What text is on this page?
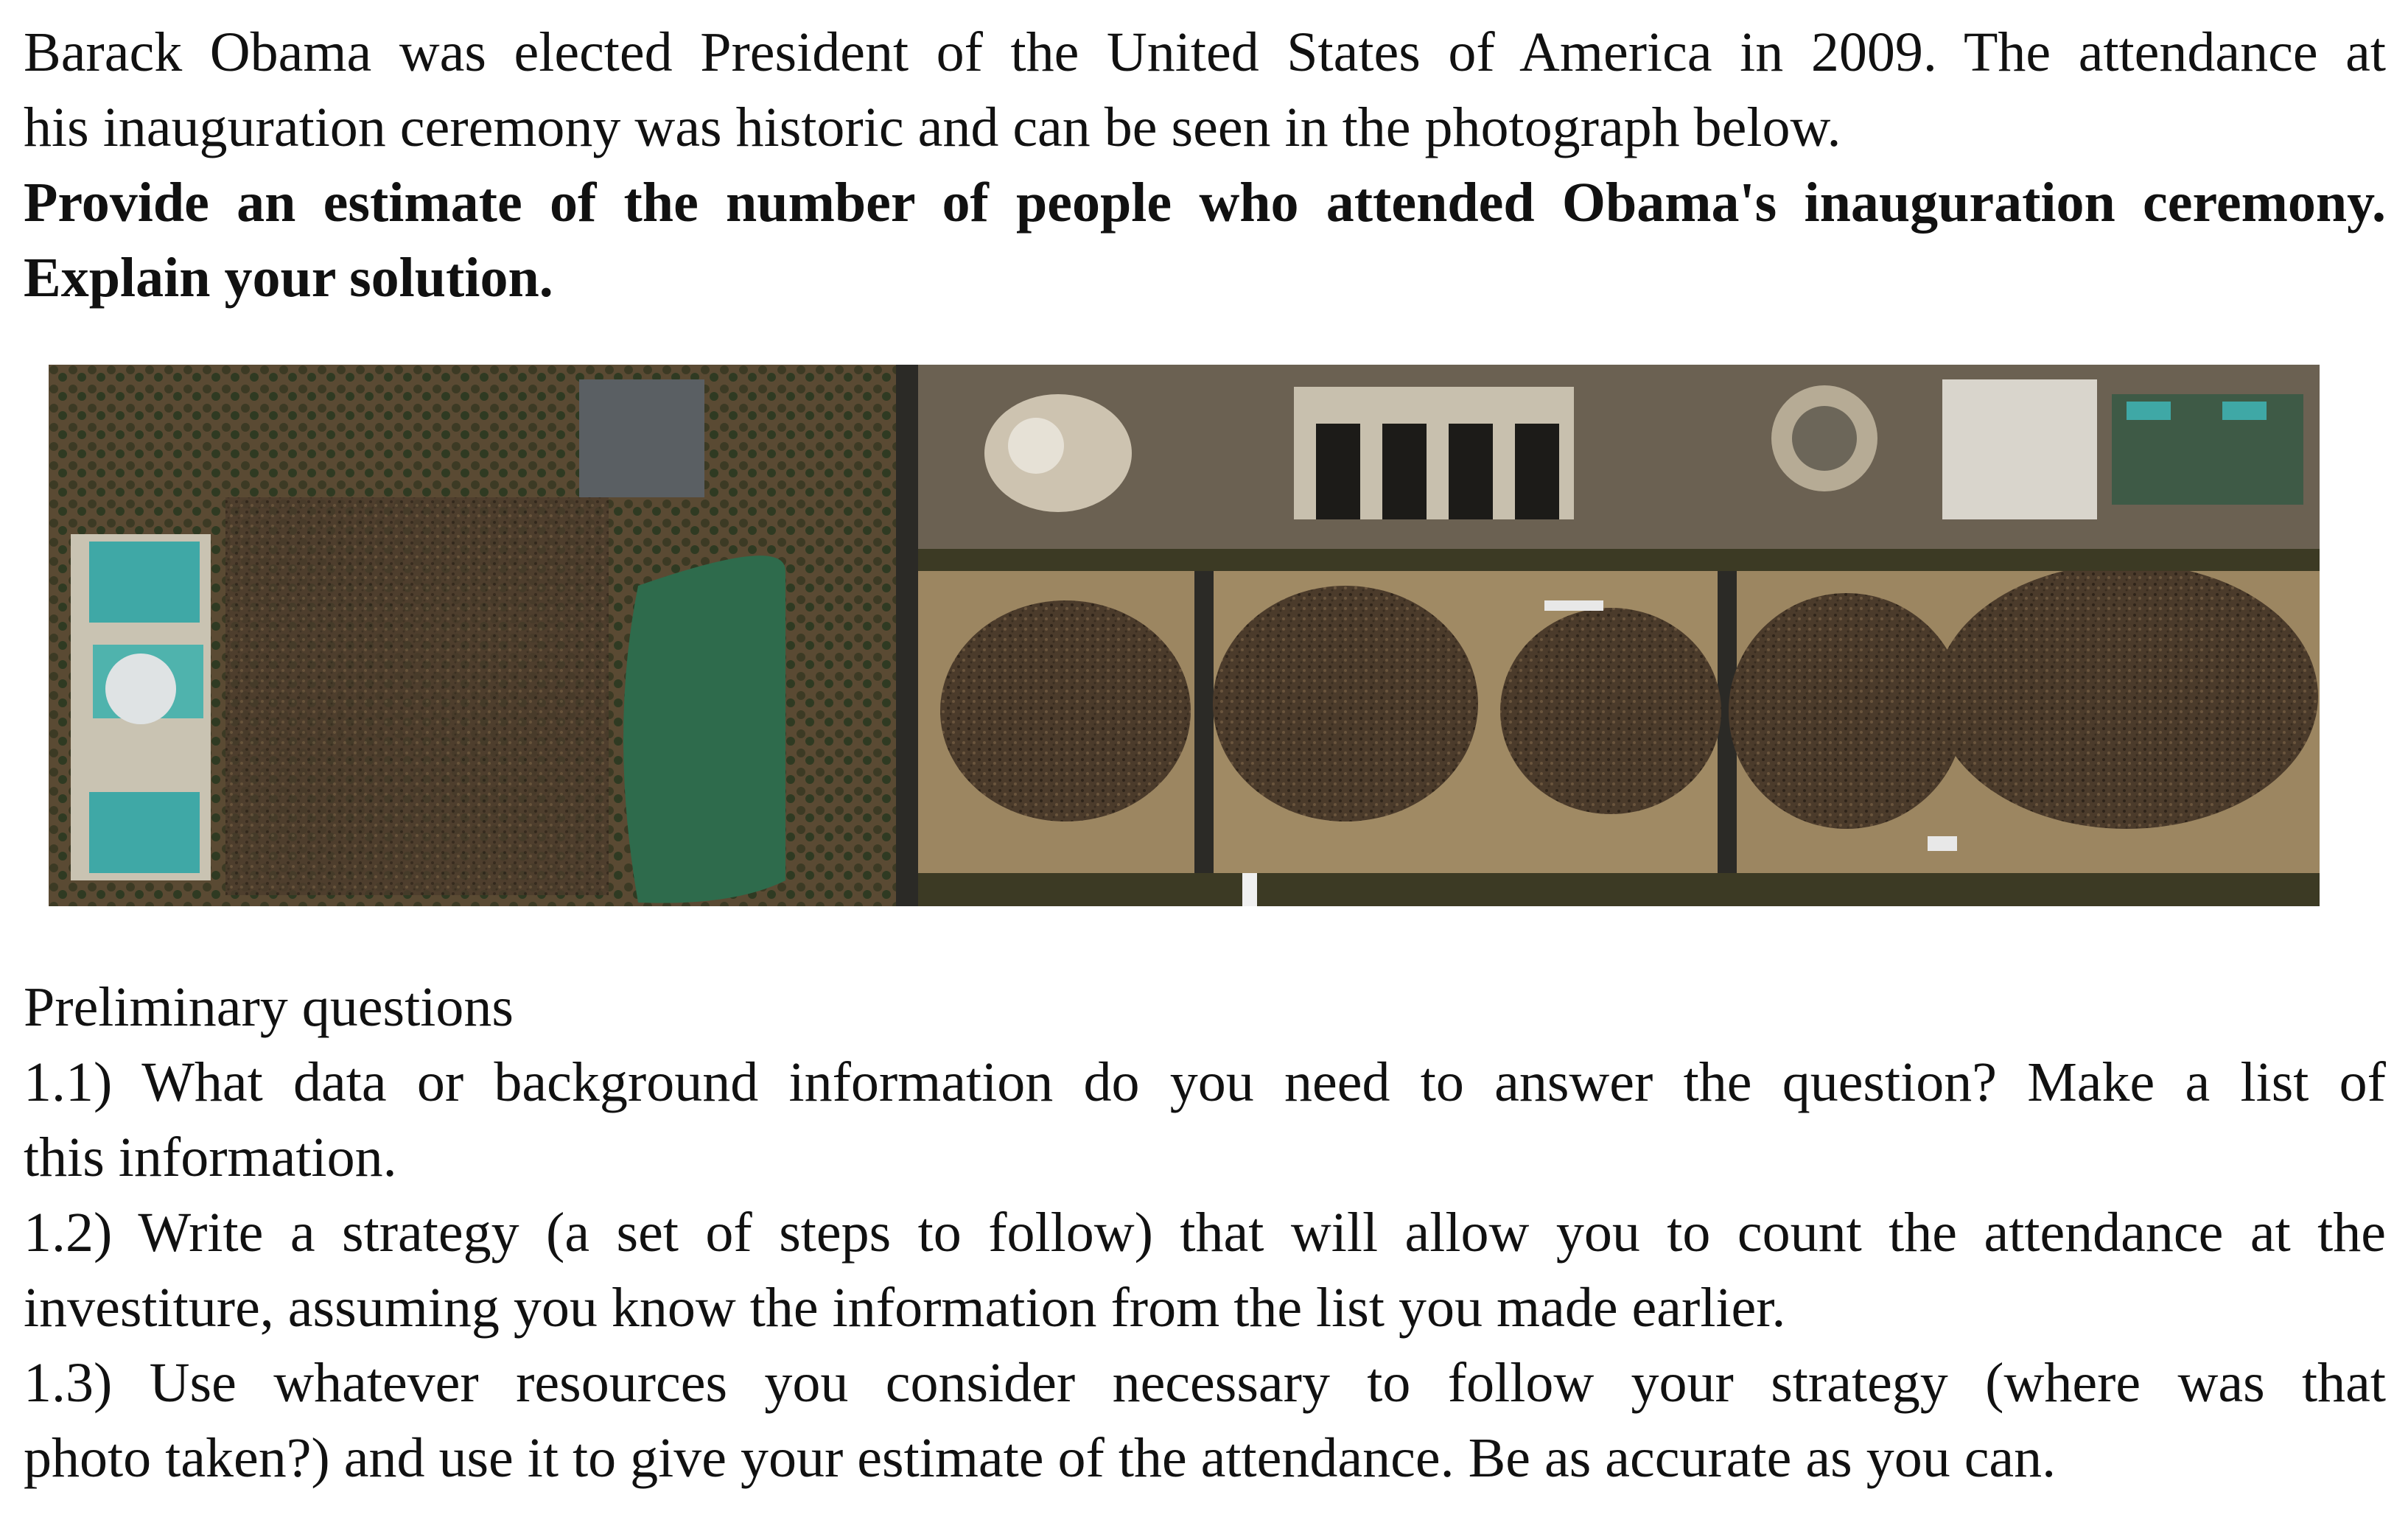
Barack Obama was elected President of the United States of America in 2009. The attendance at
his inauguration ceremony was historic and can be seen in the photograph below.
Provide an estimate of the number of people who attended Obama's inauguration ceremony.
Explain your solution.
Preliminary questions
1.1) What data or background information do you need to answer the question? Make a list of
this information.
1.2) Write a strategy (a set of steps to follow) that will allow you to count the attendance at the
investiture, assuming you know the information from the list you made earlier.
1.3) Use whatever resources you consider necessary to follow your strategy (where was that
photo taken?) and use it to give your estimate of the attendance. Be as accurate as you can.
